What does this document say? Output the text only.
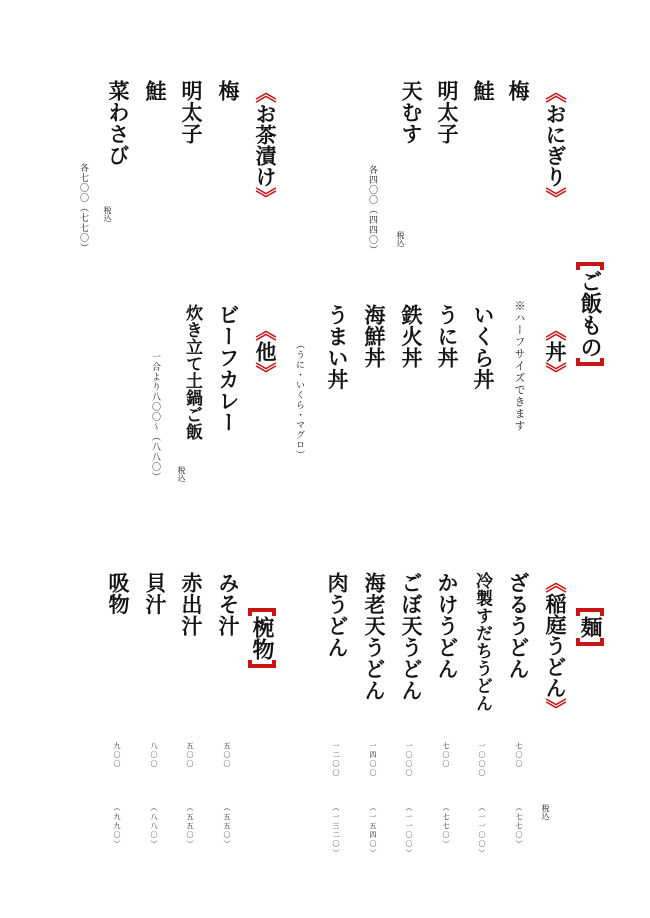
ご飯もの
《おにぎり》
梅
鮭
明太子
天むす
税込
各四〇〇（四四〇）
《お茶漬け》
梅
明太子
鮭
菜わさび
税込
各七〇〇（七七〇）
《丼》
※ハーフサイズできます
いくら丼
うに丼
鉄火丼
海鮮丼
うまい丼
（うに・いくら・マグロ）
《他》
ビーフカレー
炊き立て土鍋ご飯
税込
一合より八〇〇～（八八〇）
麺
《稲庭うどん》
税込
ざるうどん
七〇〇
（七七〇）
冷製すだちうどん
一〇〇〇
（一一〇〇）
かけうどん
七〇〇
（七七〇）
ごぼ天うどん
一〇〇〇
（一一〇〇）
海老天うどん
一四〇〇
（一五四〇）
肉うどん
一二〇〇
（一三二〇）
椀物
みそ汁
五〇〇
（五五〇）
赤出汁
五〇〇
（五五〇）
貝汁
八〇〇
（八八〇）
吸物
九〇〇
（九九〇）
